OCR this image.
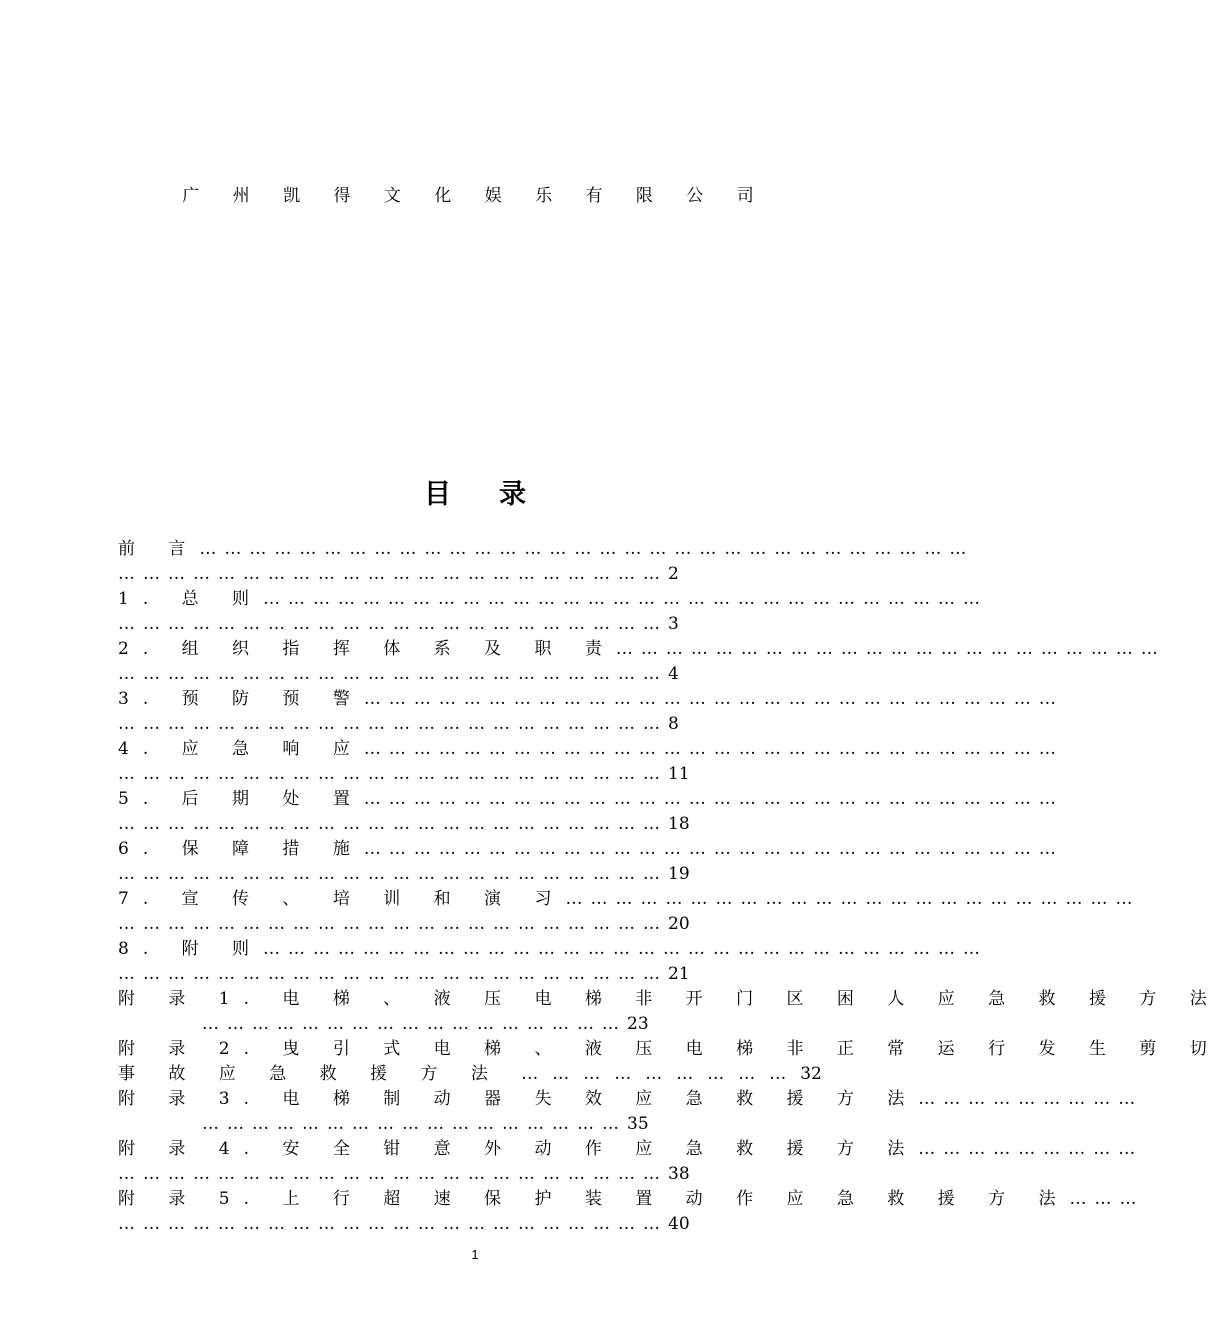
广 州 凯 得 文 化 娱 乐 有 限 公 司
目录
前 言…………………………………………………………………………………
…………………………………………………………2
1. 总 则……………………………………………………………………………
…………………………………………………………3
2. 组 织 指 挥 体 系 及 职 责…………………………………………………………
…………………………………………………………4
3. 预 防 预 警…………………………………………………………………………
…………………………………………………………8
4. 应 急 响 应…………………………………………………………………………
…………………………………………………………11
5. 后 期 处 置…………………………………………………………………………
…………………………………………………………18
6. 保 障 措 施…………………………………………………………………………
…………………………………………………………19
7. 宣 传 、 培 训 和 演 习……………………………………………………………
…………………………………………………………20
8. 附 则……………………………………………………………………………
…………………………………………………………21
附 录 1. 电 梯 、 液 压 电 梯 非 开 门 区 困 人 应 急 救 援 方 法
……………………………………………23
附 录 2. 曳 引 式 电 梯 、 液 压 电 梯 非 正 常 运 行 发 生 剪 切
事 故 应 急 救 援 方 法 ………………………32
附 录 3. 电 梯 制 动 器 失 效 应 急 救 援 方 法………………………
……………………………………………35
附 录 4. 安 全 钳 意 外 动 作 应 急 救 援 方 法………………………
…………………………………………………………38
附 录 5. 上 行 超 速 保 护 装 置 动 作 应 急 救 援 方 法………
…………………………………………………………40
1
